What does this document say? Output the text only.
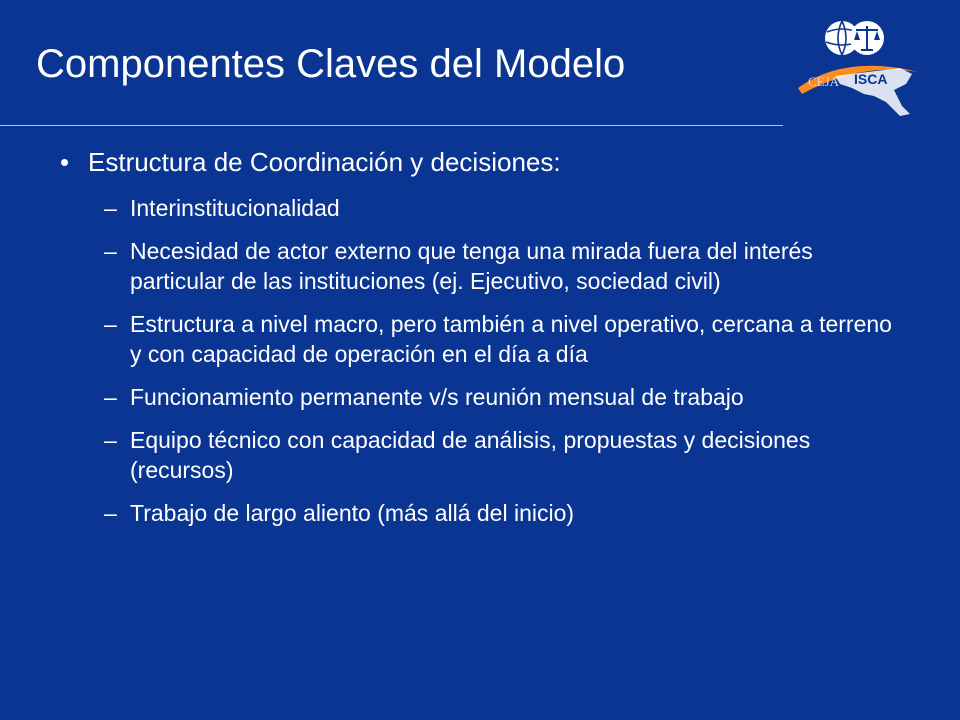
Componentes Claves del Modelo	CEJA ISCA
• Estructura de Coordinación y decisiones:
– Interinstitucionalidad
– Necesidad de actor externo que tenga una mirada fuera del interés particular de las instituciones (ej. Ejecutivo, sociedad civil)
– Estructura a nivel macro, pero también a nivel operativo, cercana a terreno y con capacidad de operación en el día a día
– Funcionamiento permanente v/s reunión mensual de trabajo
– Equipo técnico con capacidad de análisis, propuestas y decisiones (recursos)
– Trabajo de largo aliento (más allá del inicio)
